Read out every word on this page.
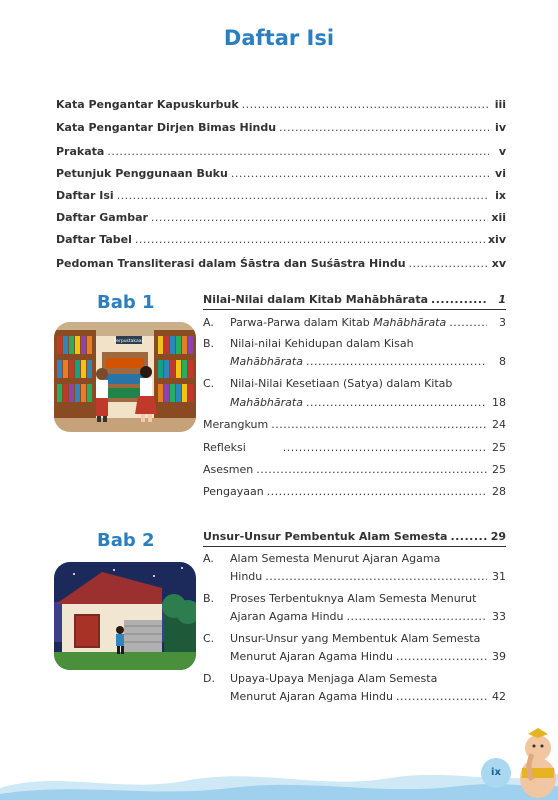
Daftar Isi
Kata Pengantar Kapuskurbuk .....	iii
Kata Pengantar Dirjen Bimas Hindu .....	iv
Prakata .....	v
Petunjuk Penggunaan Buku .....	vi
Daftar Isi .....	ix
Daftar Gambar .....	xii
Daftar Tabel .....	xiv
Pedoman Transliterasi dalam Śāstra dan Suśāstra Hindu .....	xv
Bab 1
Perpustakaan
Nilai-Nilai dalam Kitab Mahābhārata .....	1
A.	Parwa-Parwa dalam Kitab Mahābhārata .....	3
B. Nilai-nilai Kehidupan dalam Kisah
Mahābhārata .....	8
C. Nilai-Nilai Kesetiaan (Satya) dalam Kitab
Mahābhārata .....	18
Merangkum .....	24
Refleksi .....	25
Asesmen .....	25
Pengayaan .....	28
Bab 2	Unsur-Unsur Pembentuk Alam Semesta .....	29
A. Alam Semesta Menurut Ajaran Agama
Hindu .....	31
B. Proses Terbentuknya Alam Semesta Menurut
Ajaran Agama Hindu .....	33
C. Unsur-Unsur yang Membentuk Alam Semesta
Menurut Ajaran Agama Hindu .....	39
D. Upaya-Upaya Menjaga Alam Semesta
Menurut Ajaran Agama Hindu .....	42
ix
